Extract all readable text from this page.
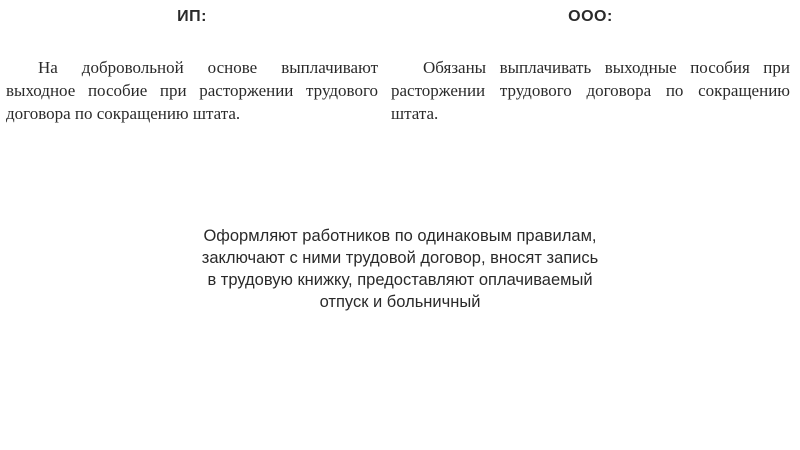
ИП:

На добровольной основе выплачивают выходное пособие при расторжении трудового договора по сокращению штата.

ООО:

Обязаны выплачивать выходные пособия при расторжении трудового договора по сокращению штата.

Оформляют работников по одинаковым правилам,
заключают с ними трудовой договор, вносят запись
в трудовую книжку, предоставляют оплачиваемый
отпуск и больничный
